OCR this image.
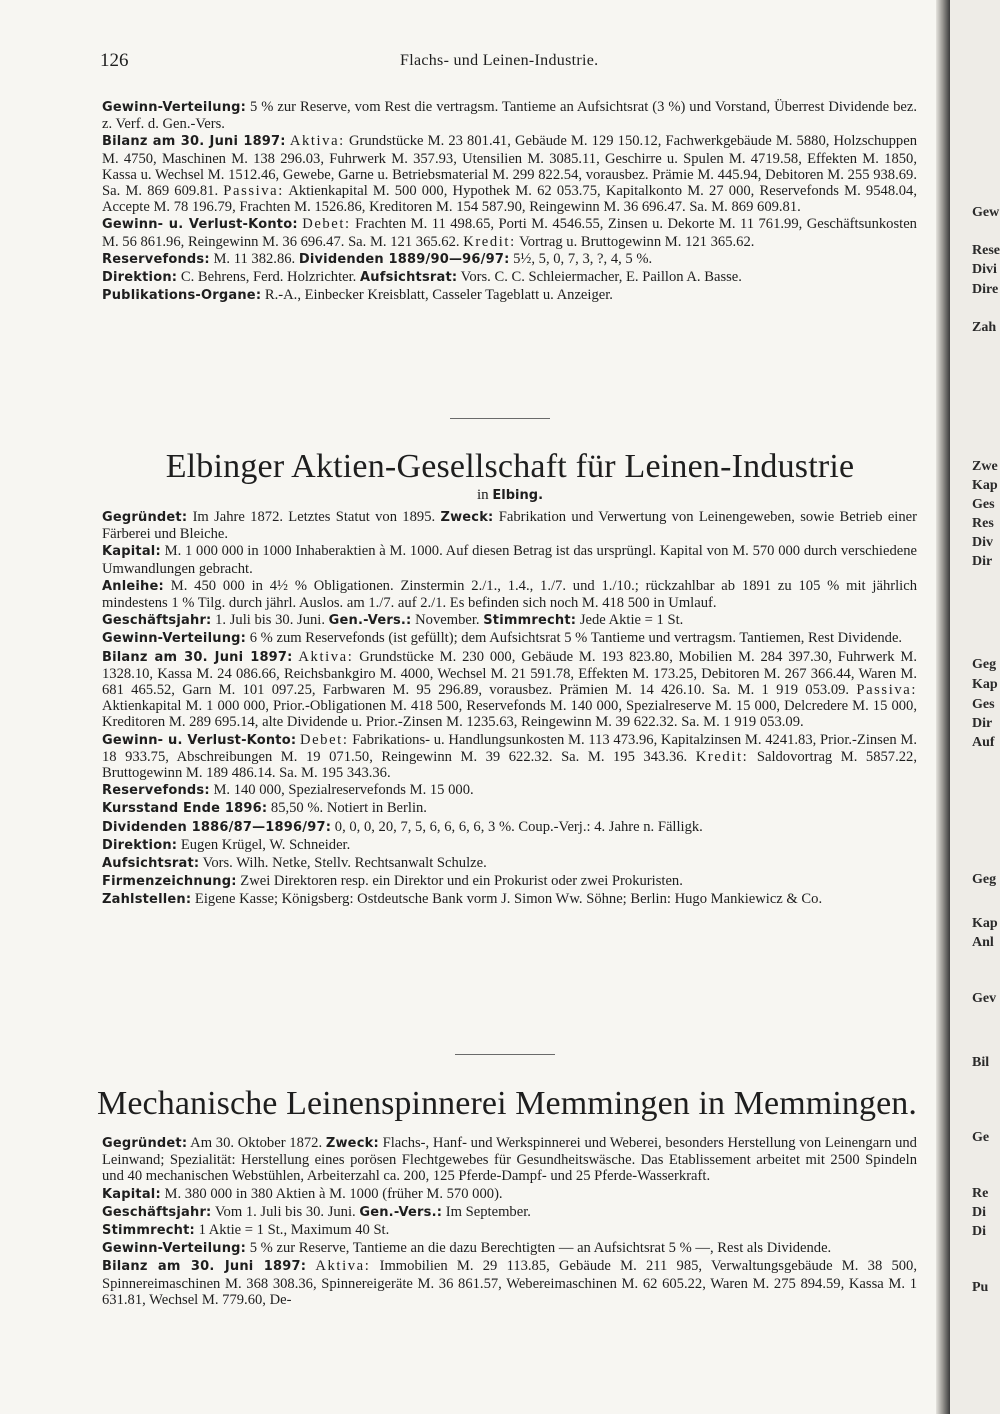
126	Flachs- und Leinen-Industrie.

Gewinn-Verteilung: 5 % zur Reserve, vom Rest die vertragsm. Tantieme an Aufsichtsrat (3 %) und Vorstand, Überrest Dividende bez. z. Verf. d. Gen.-Vers.

Bilanz am 30. Juni 1897: Aktiva: Grundstücke M. 23 801.41, Gebäude M. 129 150.12, Fachwerkgebäude M. 5880, Holzschuppen M. 4750, Maschinen M. 138 296.03, Fuhrwerk M. 357.93, Utensilien M. 3085.11, Geschirre u. Spulen M. 4719.58, Effekten M. 1850, Kassa u. Wechsel M. 1512.46, Gewebe, Garne u. Betriebsmaterial M. 299 822.54, vorausbez. Prämie M. 445.94, Debitoren M. 255 938.69. Sa. M. 869 609.81. Passiva: Aktienkapital M. 500 000, Hypothek M. 62 053.75, Kapitalkonto M. 27 000, Reservefonds M. 9548.04, Accepte M. 78 196.79, Frachten M. 1526.86, Kreditoren M. 154 587.90, Reingewinn M. 36 696.47. Sa. M. 869 609.81.

Gewinn- u. Verlust-Konto: Debet: Frachten M. 11 498.65, Porti M. 4546.55, Zinsen u. Dekorte M. 11 761.99, Geschäftsunkosten M. 56 861.96, Reingewinn M. 36 696.47. Sa. M. 121 365.62. Kredit: Vortrag u. Bruttogewinn M. 121 365.62.

Reservefonds: M. 11 382.86. Dividenden 1889/90—96/97: 5½, 5, 0, 7, 3, ?, 4, 5 %.

Direktion: C. Behrens, Ferd. Holzrichter. Aufsichtsrat: Vors. C. C. Schleiermacher, E. Paillon A. Basse.

Publikations-Organe: R.-A., Einbecker Kreisblatt, Casseler Tageblatt u. Anzeiger.

Elbinger Aktien-Gesellschaft für Leinen-Industrie
in Elbing.

Gegründet: Im Jahre 1872. Letztes Statut von 1895. Zweck: Fabrikation und Verwertung von Leinengeweben, sowie Betrieb einer Färberei und Bleiche.

Kapital: M. 1 000 000 in 1000 Inhaberaktien à M. 1000. Auf diesen Betrag ist das ursprüngl. Kapital von M. 570 000 durch verschiedene Umwandlungen gebracht.

Anleihe: M. 450 000 in 4½ % Obligationen. Zinstermin 2./1., 1.4., 1./7. und 1./10.; rückzahlbar ab 1891 zu 105 % mit jährlich mindestens 1 % Tilg. durch jährl. Auslos. am 1./7. auf 2./1. Es befinden sich noch M. 418 500 in Umlauf.

Geschäftsjahr: 1. Juli bis 30. Juni. Gen.-Vers.: November. Stimmrecht: Jede Aktie = 1 St.

Gewinn-Verteilung: 6 % zum Reservefonds (ist gefüllt); dem Aufsichtsrat 5 % Tantieme und vertragsm. Tantiemen, Rest Dividende.

Bilanz am 30. Juni 1897: Aktiva: Grundstücke M. 230 000, Gebäude M. 193 823.80, Mobilien M. 284 397.30, Fuhrwerk M. 1328.10, Kassa M. 24 086.66, Reichsbankgiro M. 4000, Wechsel M. 21 591.78, Effekten M. 173.25, Debitoren M. 267 366.44, Waren M. 681 465.52, Garn M. 101 097.25, Farbwaren M. 95 296.89, vorausbez. Prämien M. 14 426.10. Sa. M. 1 919 053.09. Passiva: Aktienkapital M. 1 000 000, Prior.-Obligationen M. 418 500, Reservefonds M. 140 000, Spezialreserve M. 15 000, Delcredere M. 15 000, Kreditoren M. 289 695.14, alte Dividende u. Prior.-Zinsen M. 1235.63, Reingewinn M. 39 622.32. Sa. M. 1 919 053.09.

Gewinn- u. Verlust-Konto: Debet: Fabrikations- u. Handlungsunkosten M. 113 473.96, Kapitalzinsen M. 4241.83, Prior.-Zinsen M. 18 933.75, Abschreibungen M. 19 071.50, Reingewinn M. 39 622.32. Sa. M. 195 343.36. Kredit: Saldovortrag M. 5857.22, Bruttogewinn M. 189 486.14. Sa. M. 195 343.36.

Reservefonds: M. 140 000, Spezialreservefonds M. 15 000.

Kursstand Ende 1896: 85,50 %. Notiert in Berlin.

Dividenden 1886/87—1896/97: 0, 0, 0, 20, 7, 5, 6, 6, 6, 6, 3 %. Coup.-Verj.: 4. Jahre n. Fälligk.

Direktion: Eugen Krügel, W. Schneider.

Aufsichtsrat: Vors. Wilh. Netke, Stellv. Rechtsanwalt Schulze.

Firmenzeichnung: Zwei Direktoren resp. ein Direktor und ein Prokurist oder zwei Prokuristen.

Zahlstellen: Eigene Kasse; Königsberg: Ostdeutsche Bank vorm J. Simon Ww. Söhne; Berlin: Hugo Mankiewicz & Co.

Mechanische Leinenspinnerei Memmingen in Memmingen.

Gegründet: Am 30. Oktober 1872. Zweck: Flachs-, Hanf- und Werkspinnerei und Weberei, besonders Herstellung von Leinengarn und Leinwand; Spezialität: Herstellung eines porösen Flechtgewebes für Gesundheitswäsche. Das Etablissement arbeitet mit 2500 Spindeln und 40 mechanischen Webstühlen, Arbeiterzahl ca. 200, 125 Pferde-Dampf- und 25 Pferde-Wasserkraft.

Kapital: M. 380 000 in 380 Aktien à M. 1000 (früher M. 570 000).

Geschäftsjahr: Vom 1. Juli bis 30. Juni. Gen.-Vers.: Im September.

Stimmrecht: 1 Aktie = 1 St., Maximum 40 St.

Gewinn-Verteilung: 5 % zur Reserve, Tantieme an die dazu Berechtigten — an Aufsichtsrat 5 % —, Rest als Dividende.

Bilanz am 30. Juni 1897: Aktiva: Immobilien M. 29 113.85, Gebäude M. 211 985, Verwaltungsgebäude M. 38 500, Spinnereimaschinen M. 368 308.36, Spinnereigeräte M. 36 861.57, Webereimaschinen M. 62 605.22, Waren M. 275 894.59, Kassa M. 1 631.81, Wechsel M. 779.60, De-

Gew
Rese
Divi
Dire
Zah
Zwe
Kap
Ges
Res
Div
Dir
Geg
Kap
Ges
Dir
Auf
Geg
Kap
Anl
Gev
Bil
Ge
Re
Di
Di
Pu
